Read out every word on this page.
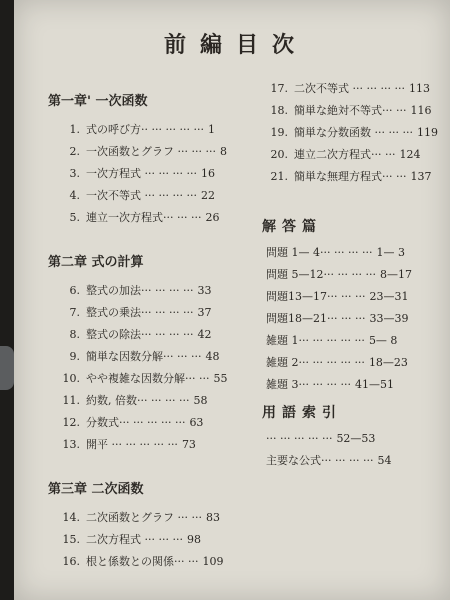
前編目次
第一章' 一次函数
1. 式の呼び方·· ··· ··· ··· ··· 1
2. 一次函数とグラフ ··· ··· ··· 8
3. 一次方程式 ··· ··· ··· ··· 16
4. 一次不等式 ··· ··· ··· ··· 22
5. 連立一次方程式··· ··· ··· 26
第二章 式の計算
6. 整式の加法··· ··· ··· ··· 33
7. 整式の乗法··· ··· ··· ··· 37
8. 整式の除法··· ··· ··· ··· 42
9. 簡単な因数分解··· ··· ··· 48
10. やや複雑な因数分解··· ··· 55
11. 約数, 倍数··· ··· ··· ··· 58
12. 分数式··· ··· ··· ··· ··· 63
13. 開平 ··· ··· ··· ··· ··· 73
第三章 二次函数
14. 二次函数とグラフ ··· ··· 83
15. 二次方程式 ··· ··· ··· 98
16. 根と係数との関係··· ··· 109
17. 二次不等式 ··· ··· ··· ··· 113
18. 簡単な絶対不等式··· ··· 116
19. 簡単な分数函数 ··· ··· ··· 119
20. 連立二次方程式··· ··· 124
21. 簡単な無理方程式··· ··· 137
解答篇
問題 1— 4··· ··· ··· ··· 1— 3
問題 5—12··· ··· ··· ··· 8—17
問題13—17··· ··· ··· 23—31
問題18—21··· ··· ··· 33—39
雑題 1··· ··· ··· ··· ··· 5— 8
雑題 2··· ··· ··· ··· ··· 18—23
雑題 3··· ··· ··· ··· 41—51
用語索引
··· ··· ··· ··· ··· 52—53
主要な公式··· ··· ··· ··· 54
